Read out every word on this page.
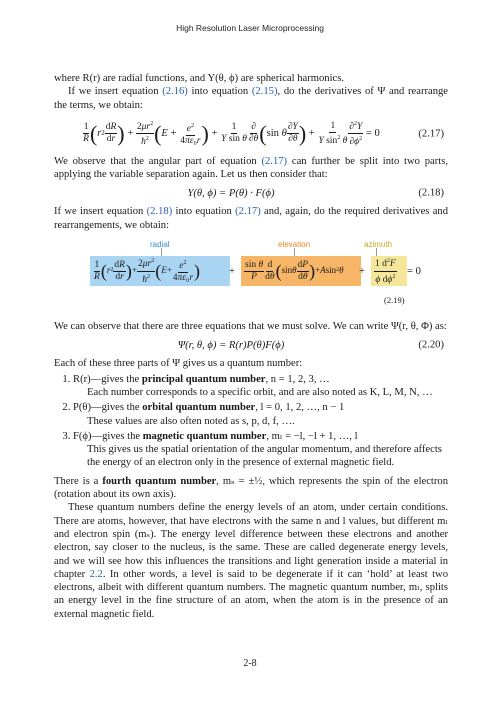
High Resolution Laser Microprocessing

where R(r) are radial functions, and Y(θ, ϕ) are spherical harmonics.

If we insert equation (2.16) into equation (2.15), do the derivatives of Ψ and rearrange the terms, we obtain:

$\frac{1}{R}$ ( r $2 \frac{dR}{dr}$ ) + $\frac{2\mu r^2}{ħ^2}$ ( $E + \frac{e^2}{\text{4πε₀r}}$ ) + $\frac{1}{\text{Y sin θ}} \frac{\partial}{\partial\theta}$ ( sin θ $\frac{\partial Y}{\partial\theta}$ ) + $\frac{1}{Y \sin^2 \theta} \frac{\partial^2Y}{\partial\phi^2} = 0$	(2.17)

We observe that the angular part of equation (2.17) can further be split into two parts, applying the variable separation again. Let us then consider that:

Y(θ, ϕ) = P(θ) · F(ϕ)	(2.18)

If we insert equation (2.18) into equation (2.17) and, again, do the required derivatives and rearrangements, we obtain:

radial	elevation	azimuth
$\frac{1}{R}$ ( r $2 \frac{dR}{dr}$ ) + $\frac{2\mu r^2}{ħ^2}$ ( $E + \frac{e^2}{\text{4πε₀r}}$ )	+ $\frac{\text{sin θ}}{P} \frac{d}{d\theta}$ ( sin θ $\frac{dP}{d\theta}$ ) + A sin 2 $\theta + \frac{1 d^2F}{\phi d\phi^2} = 0$
(2.19)

We can observe that there are three equations that we must solve. We can write Ψ(r, θ, Φ) as:

Ψ(r, θ, ϕ) = R(r)P(θ)F(ϕ)	(2.20)

Each of these three parts of Ψ gives us a quantum number:

1. R(r)—gives the principal quantum number, n = 1, 2, 3, …
Each number corresponds to a specific orbit, and are also noted as K, L, M, N, …
2. P(θ)—gives the orbital quantum number, l = 0, 1, 2, …, n − 1
These values are also often noted as s, p, d, f, ….
3. F(ϕ)—gives the magnetic quantum number, mₗ = −l, −l + 1, …, l
This gives us the spatial orientation of the angular momentum, and therefore affects the energy of an electron only in the presence of external magnetic field.

There is a fourth quantum number, mₛ = ±½, which represents the spin of the electron (rotation about its own axis).

These quantum numbers define the energy levels of an atom, under certain conditions. There are atoms, however, that have electrons with the same n and l values, but different mₗ and electron spin (mₛ). The energy level difference between these electrons and another electron, say closer to the nucleus, is the same. These are called degenerate energy levels, and we will see how this influences the transitions and light generation inside a material in chapter 2.2. In other words, a level is said to be degenerate if it can ‘hold’ at least two electrons, albeit with different quantum numbers. The magnetic quantum number, mₗ, splits an energy level in the fine structure of an atom, when the atom is in the presence of an external magnetic field.

2-8
